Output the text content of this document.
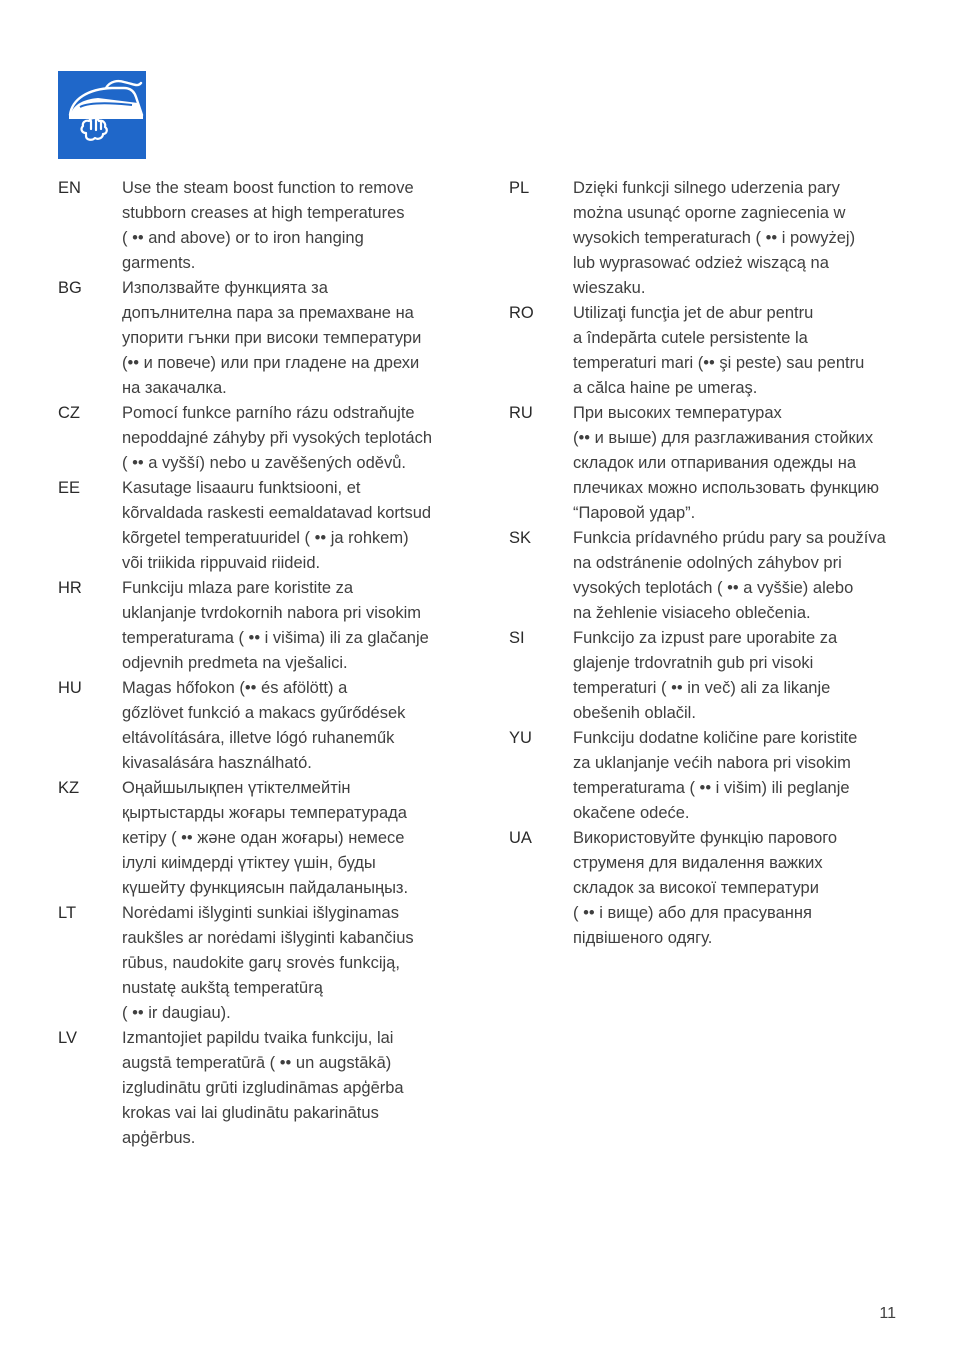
EN	Use the steam boost function to remove
stubborn creases at high temperatures
( •• and above) or to iron hanging
garments.
BG	Използвайте функцията за
допълнителна пара за премахване на
упорити гънки при високи температури
(•• и повече) или при гладене на дрехи
на закачалка.
CZ	Pomocí funkce parního rázu odstraňujte
nepoddajné záhyby při vysokých teplotách
( •• a vyšší) nebo u zavěšených oděvů.
EE	Kasutage lisaauru funktsiooni, et
kõrvaldada raskesti eemaldatavad kortsud
kõrgetel temperatuuridel ( •• ja rohkem)
või triikida rippuvaid riideid.
HR	Funkciju mlaza pare koristite za
uklanjanje tvrdokornih nabora pri visokim
temperaturama ( •• i višima) ili za glačanje
odjevnih predmeta na vješalici.
HU	Magas hőfokon (•• és afölött) a
gőzlövet funkció a makacs gyűrődések
eltávolítására, illetve lógó ruhaneműk
kivasalására használható.
KZ	Оңайшылықпен үтіктелмейтін
қыртыстарды жоғары температурада
кетіру ( •• және одан жоғары) немесе
ілулі киімдерді үтіктеу үшін, буды
күшейту функциясын пайдаланыңыз.
LT	Norėdami išlyginti sunkiai išlyginamas
raukšles ar norėdami išlyginti kabančius
rūbus, naudokite garų srovės funkciją,
nustatę aukštą temperatūrą
( •• ir daugiau).
LV	Izmantojiet papildu tvaika funkciju, lai
augstā temperatūrā ( •• un augstākā)
izgludinātu grūti izgludināmas apģērba
krokas vai lai gludinātu pakarinātus
apģērbus.
PL	Dzięki funkcji silnego uderzenia pary
można usunąć oporne zagniecenia w
wysokich temperaturach ( •• i powyżej)
lub wyprasować odzież wiszącą na
wieszaku.
RO	Utilizaţi funcţia jet de abur pentru
a îndepărta cutele persistente la
temperaturi mari (•• şi peste) sau pentru
a călca haine pe umeraş.
RU	При высоких температурах
(•• и выше) для разглаживания стойких
складок или отпаривания одежды на
плечиках можно использовать функцию
“Паровой удар”.
SK	Funkcia prídavného prúdu pary sa používa
na odstránenie odolných záhybov pri
vysokých teplotách ( •• a vyššie) alebo
na žehlenie visiaceho oblečenia.
SI	Funkcijo za izpust pare uporabite za
glajenje trdovratnih gub pri visoki
temperaturi ( •• in več) ali za likanje
obešenih oblačil.
YU	Funkciju dodatne količine pare koristite
za uklanjanje većih nabora pri visokim
temperaturama ( •• i višim) ili peglanje
okačene odeće.
UA	Використовуйте функцію парового
струменя для видалення важких
складок за високої температури
( •• і вище) або для прасування
підвішеного одягу.
11
